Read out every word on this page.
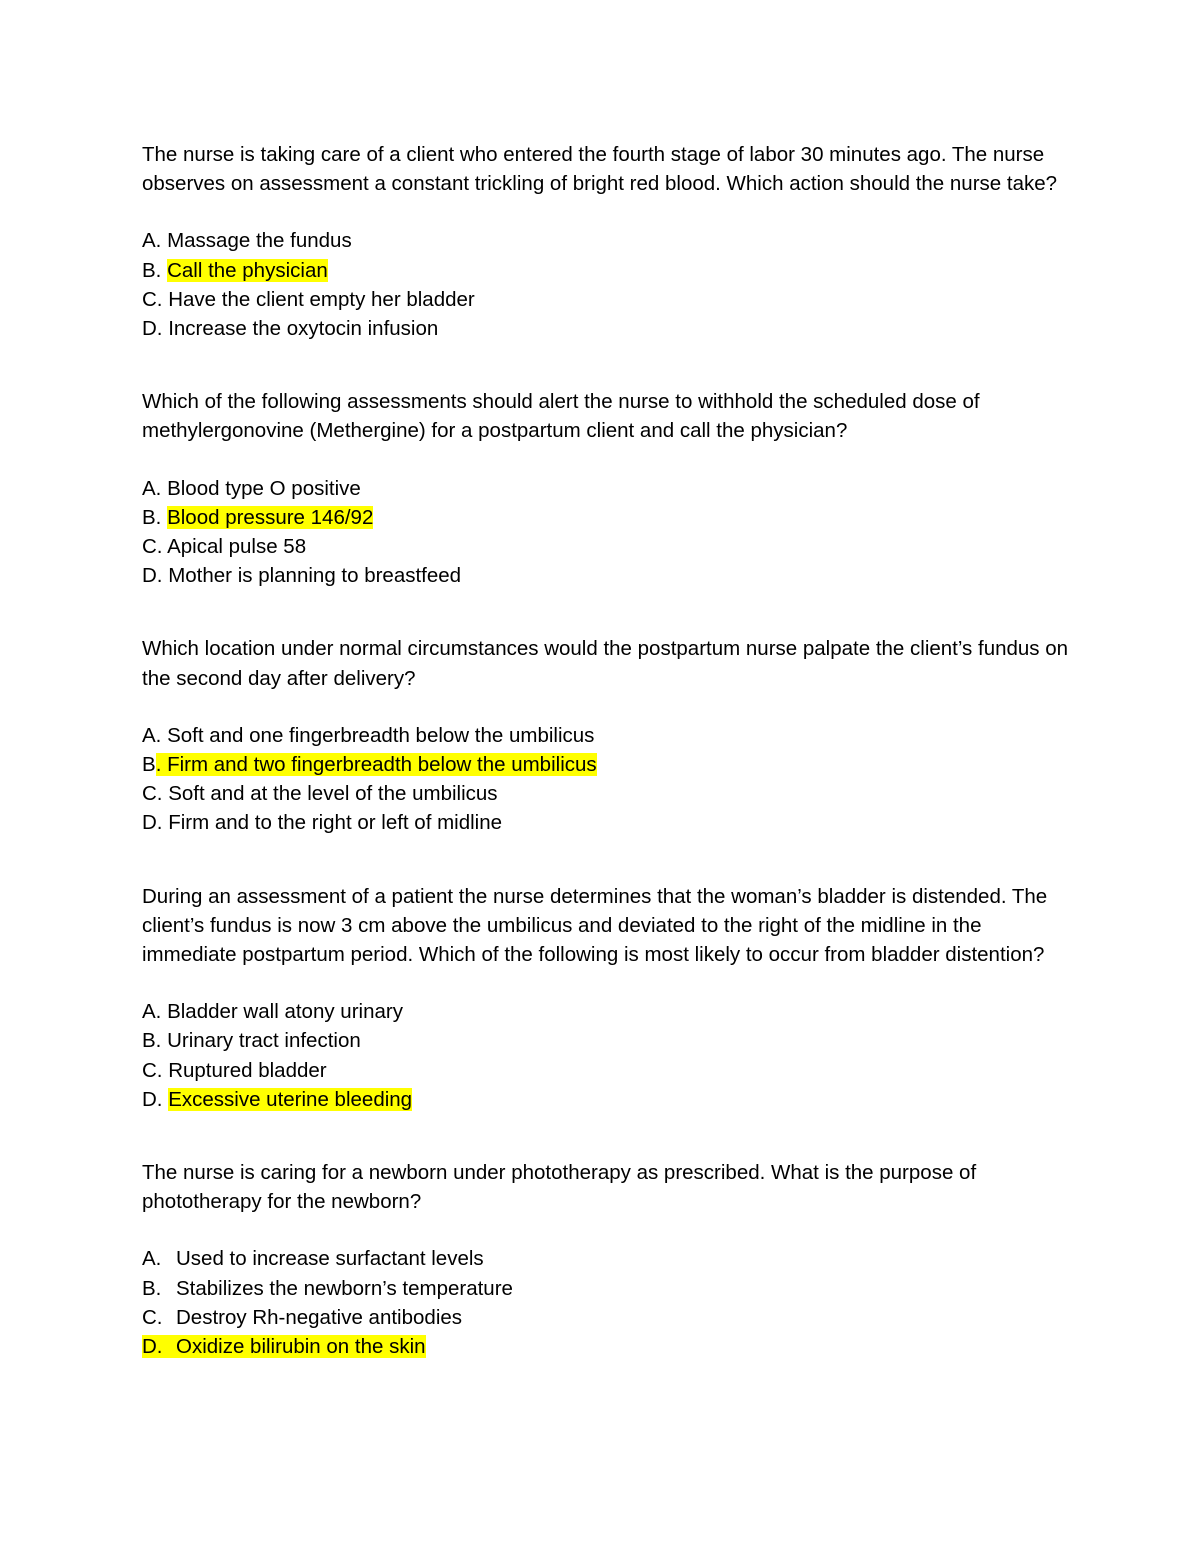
The nurse is taking care of a client who entered the fourth stage of labor 30 minutes ago. The nurse observes on assessment a constant trickling of bright red blood. Which action should the nurse take?
A. Massage the fundus
B. Call the physician
C. Have the client empty her bladder
D. Increase the oxytocin infusion
Which of the following assessments should alert the nurse to withhold the scheduled dose of methylergonovine (Methergine) for a postpartum client and call the physician?
A. Blood type O positive
B. Blood pressure 146/92
C. Apical pulse 58
D. Mother is planning to breastfeed
Which location under normal circumstances would the postpartum nurse palpate the client’s fundus on the second day after delivery?
A. Soft and one fingerbreadth below the umbilicus
B. Firm and two fingerbreadth below the umbilicus
C. Soft and at the level of the umbilicus
D. Firm and to the right or left of midline
During an assessment of a patient the nurse determines that the woman’s bladder is distended. The client’s fundus is now 3 cm above the umbilicus and deviated to the right of the midline in the immediate postpartum period. Which of the following is most likely to occur from bladder distention?
A. Bladder wall atony urinary
B. Urinary tract infection
C. Ruptured bladder
D. Excessive uterine bleeding
The nurse is caring for a newborn under phototherapy as prescribed. What is the purpose of phototherapy for the newborn?
A. Used to increase surfactant levels
B. Stabilizes the newborn’s temperature
C. Destroy Rh-negative antibodies
D. Oxidize bilirubin on the skin
